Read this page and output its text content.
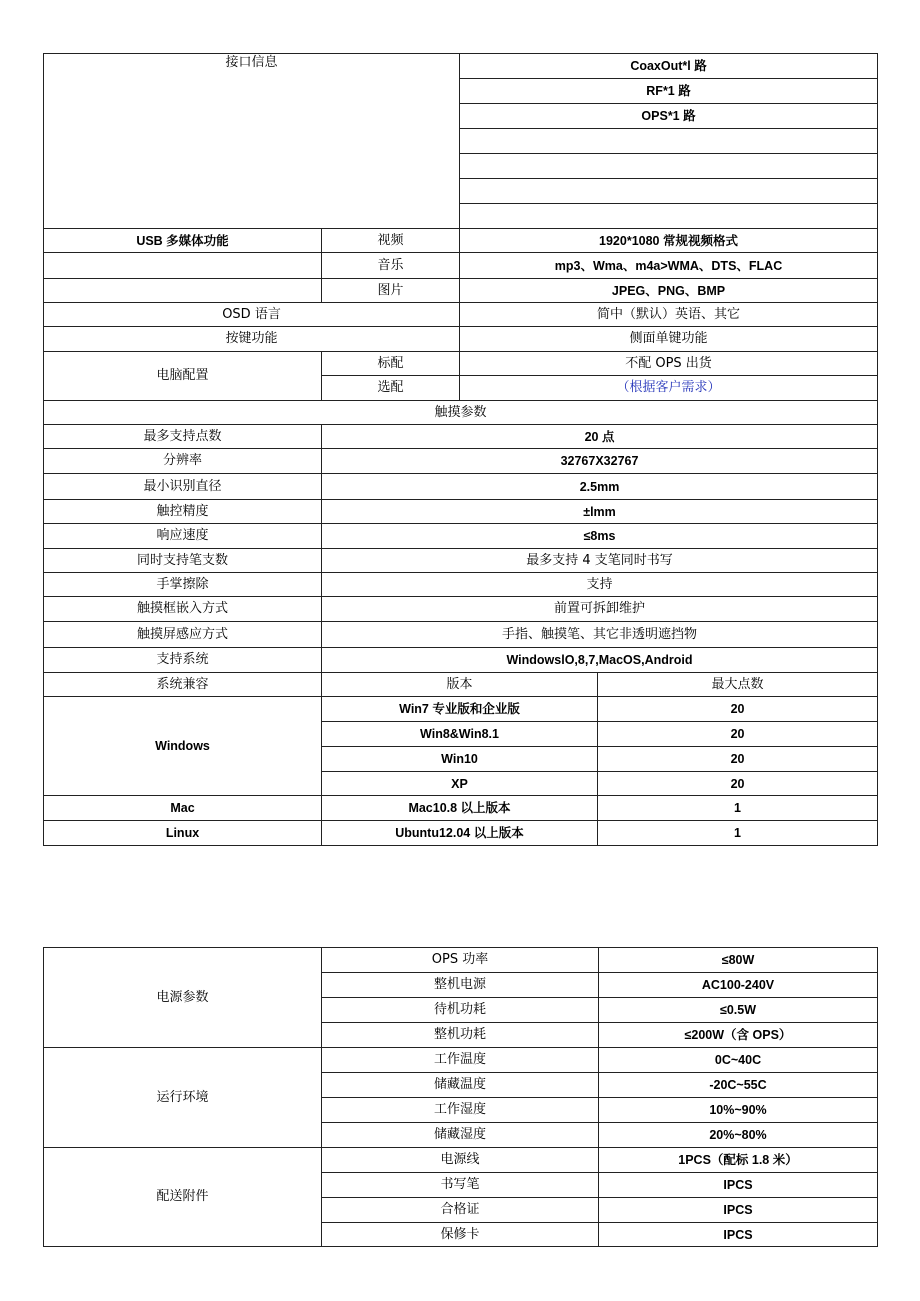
接口信息		CoaxOut*l 路	
		RF*1 路	
		OPS*1 路	

USB 多媒体功能	视频	1920*1080 常规视频格式	
	音乐	mp3、Wma、m4a>WMA、DTS、FLAC	
	图片	JPEG、PNG、BMP	
OSD 语言		简中（默认）英语、其它	
按键功能		侧面单键功能	
电脑配置	标配	不配 OPS 出货	
	选配	（根据客户需求）	
触摸参数			
最多支持点数	20 点		
分辨率	32767X32767		
最小识别直径	2.5mm		
触控精度	±lmm		
响应速度	≤8ms		
同时支持笔支数	最多支持 4 支笔同时书写		
手掌擦除	支持		
触摸框嵌入方式	前置可拆卸维护		
触摸屏感应方式	手指、触摸笔、其它非透明遮挡物		
支持系统	WindowslO,8,7,MacOS,Android		
系统兼容	版本		最大点数
Windows	Win7 专业版和企业版		20
	Win8&Win8.1		20
	Win10		20
	XP		20
Mac	Mac10.8 以上版本		1
Linux	Ubuntu12.04 以上版本		1
电源参数	OPS 功率	≤80W
	整机电源	AC100-240V
	待机功耗	≤0.5W
	整机功耗	≤200W（含 OPS）
运行环境	工作温度	0C~40C
	储藏温度	-20C~55C
	工作湿度	10%~90%
	储藏湿度	20%~80%
配送附件	电源线	1PCS（配标 1.8 米）
	书写笔	IPCS
	合格证	IPCS
	保修卡	IPCS
